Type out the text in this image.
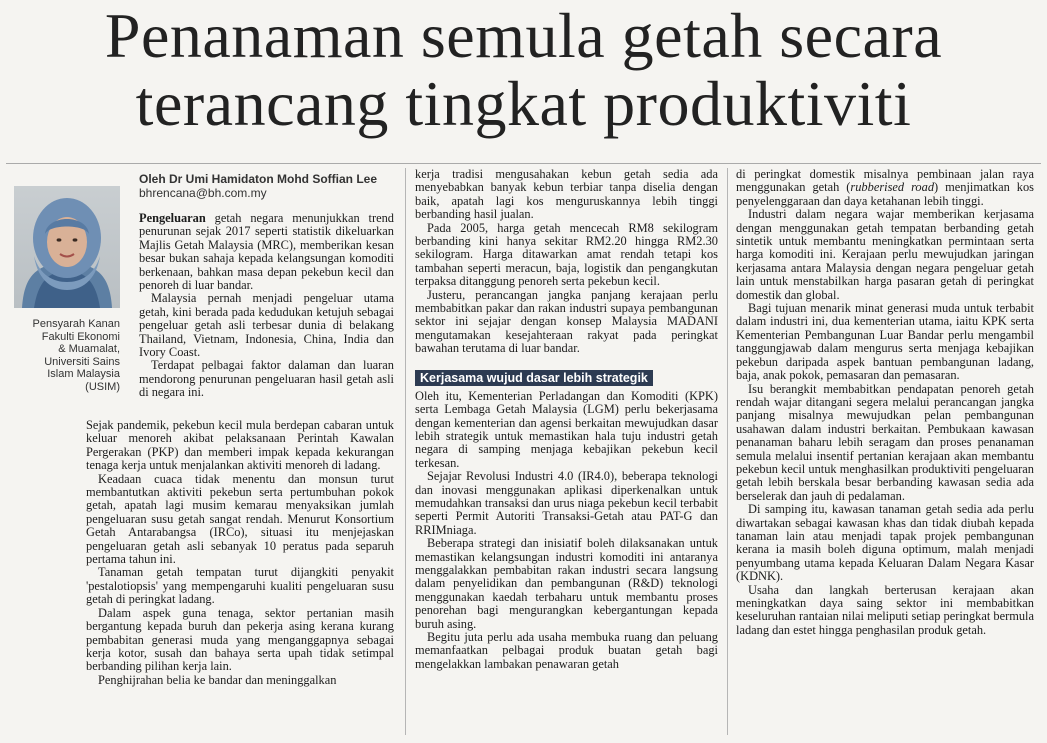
Penanaman semula getah secara
terancang tingkat produktiviti
Pensyarah Kanan
Fakulti Ekonomi
& Muamalat,
Universiti Sains
Islam Malaysia
(USIM)
Oleh Dr Umi Hamidaton Mohd Soffian Lee
bhrencana@bh.com.my

Pengeluaran getah negara menunjukkan trend penurunan sejak 2017 seperti statistik dikeluarkan Majlis Getah Malaysia (MRC), memberikan kesan besar bukan sahaja kepada kelangsungan komoditi berkenaan, bahkan masa depan pekebun kecil dan penoreh di luar bandar.

Malaysia pernah menjadi pengeluar utama getah, kini berada pada kedudukan ketujuh sebagai pengeluar getah asli terbesar dunia di belakang Thailand, Vietnam, Indonesia, China, India dan Ivory Coast.

Terdapat pelbagai faktor dalaman dan luaran mendorong penurunan pengeluaran hasil getah asli di negara ini.

Sejak pandemik, pekebun kecil mula berdepan cabaran untuk keluar menoreh akibat pelaksanaan Perintah Kawalan Pergerakan (PKP) dan memberi impak kepada kekurangan tenaga kerja untuk menjalankan aktiviti menoreh di ladang.

Keadaan cuaca tidak menentu dan monsun turut membantutkan aktiviti pekebun serta pertumbuhan pokok getah, apatah lagi musim kemarau menyaksikan jumlah pengeluaran susu getah sangat rendah. Menurut Konsortium Getah Antarabangsa (IRCo), situasi itu menjejaskan pengeluaran getah asli sebanyak 10 peratus pada separuh pertama tahun ini.

Tanaman getah tempatan turut dijangkiti penyakit 'pestalotiopsis' yang mempengaruhi kualiti pengeluaran susu getah di peringkat ladang.

Dalam aspek guna tenaga, sektor pertanian masih bergantung kepada buruh dan pekerja asing kerana kurang pembabitan generasi muda yang menganggapnya sebagai kerja kotor, susah dan bahaya serta upah tidak setimpal berbanding pilihan kerja lain.

Penghijrahan belia ke bandar dan meninggalkan

kerja tradisi mengusahakan kebun getah sedia ada menyebabkan banyak kebun terbiar tanpa diselia dengan baik, apatah lagi kos menguruskannya lebih tinggi berbanding hasil jualan.

Pada 2005, harga getah mencecah RM8 sekilogram berbanding kini hanya sekitar RM2.20 hingga RM2.30 sekilogram. Harga ditawarkan amat rendah tetapi kos tambahan seperti meracun, baja, logistik dan pengangkutan terpaksa ditanggung penoreh serta pekebun kecil.

Justeru, perancangan jangka panjang kerajaan perlu membabitkan pakar dan rakan industri supaya pembangunan sektor ini sejajar dengan konsep Malaysia MADANI mengutamakan kesejahteraan rakyat pada peringkat bawahan terutama di luar bandar.

Kerjasama wujud dasar lebih strategik

Oleh itu, Kementerian Perladangan dan Komoditi (KPK) serta Lembaga Getah Malaysia (LGM) perlu bekerjasama dengan kementerian dan agensi berkaitan mewujudkan dasar lebih strategik untuk memastikan hala tuju industri getah negara di samping menjaga kebajikan pekebun kecil terkesan.

Sejajar Revolusi Industri 4.0 (IR4.0), beberapa teknologi dan inovasi menggunakan aplikasi diperkenalkan untuk memudahkan transaksi dan urus niaga pekebun kecil terbabit seperti Permit Autoriti Transaksi-Getah atau PAT-G dan RRIMniaga.

Beberapa strategi dan inisiatif boleh dilaksanakan untuk memastikan kelangsungan industri komoditi ini antaranya menggalakkan pembabitan rakan industri secara langsung dalam penyelidikan dan pembangunan (R&D) teknologi menggunakan kaedah terbaharu untuk membantu proses penorehan bagi mengurangkan kebergantungan kepada buruh asing.

Begitu juta perlu ada usaha membuka ruang dan peluang memanfaatkan pelbagai produk buatan getah bagi mengelakkan lambakan penawaran getah

di peringkat domestik misalnya pembinaan jalan raya menggunakan getah (rubberised road) menjimatkan kos penyelenggaraan dan daya ketahanan lebih tinggi.

Industri dalam negara wajar memberikan kerjasama dengan menggunakan getah tempatan berbanding getah sintetik untuk membantu meningkatkan permintaan serta harga komoditi ini. Kerajaan perlu mewujudkan jaringan kerjasama antara Malaysia dengan negara pengeluar getah lain untuk menstabilkan harga pasaran getah di peringkat domestik dan global.

Bagi tujuan menarik minat generasi muda untuk terbabit dalam industri ini, dua kementerian utama, iaitu KPK serta Kementerian Pembangunan Luar Bandar perlu mengambil tanggungjawab dalam mengurus serta menjaga kebajikan pekebun daripada aspek bantuan pembangunan ladang, baja, anak pokok, pemasaran dan pemasaran.

Isu berangkit membabitkan pendapatan penoreh getah rendah wajar ditangani segera melalui perancangan jangka panjang misalnya mewujudkan pelan pembangunan usahawan dalam industri berkaitan. Pembukaan kawasan penanaman baharu lebih seragam dan proses penanaman semula melalui insentif pertanian kerajaan akan membantu pekebun kecil untuk menghasilkan produktiviti pengeluaran getah lebih berskala besar berbanding kawasan sedia ada berselerak dan jauh di pedalaman.

Di samping itu, kawasan tanaman getah sedia ada perlu diwartakan sebagai kawasan khas dan tidak diubah kepada tanaman lain atau menjadi tapak projek pembangunan kerana ia masih boleh diguna optimum, malah menjadi penyumbang utama kepada Keluaran Dalam Negara Kasar (KDNK).

Usaha dan langkah berterusan kerajaan akan meningkatkan daya saing sektor ini membabitkan keseluruhan rantaian nilai meliputi setiap peringkat bermula ladang dan estet hingga penghasilan produk getah.
